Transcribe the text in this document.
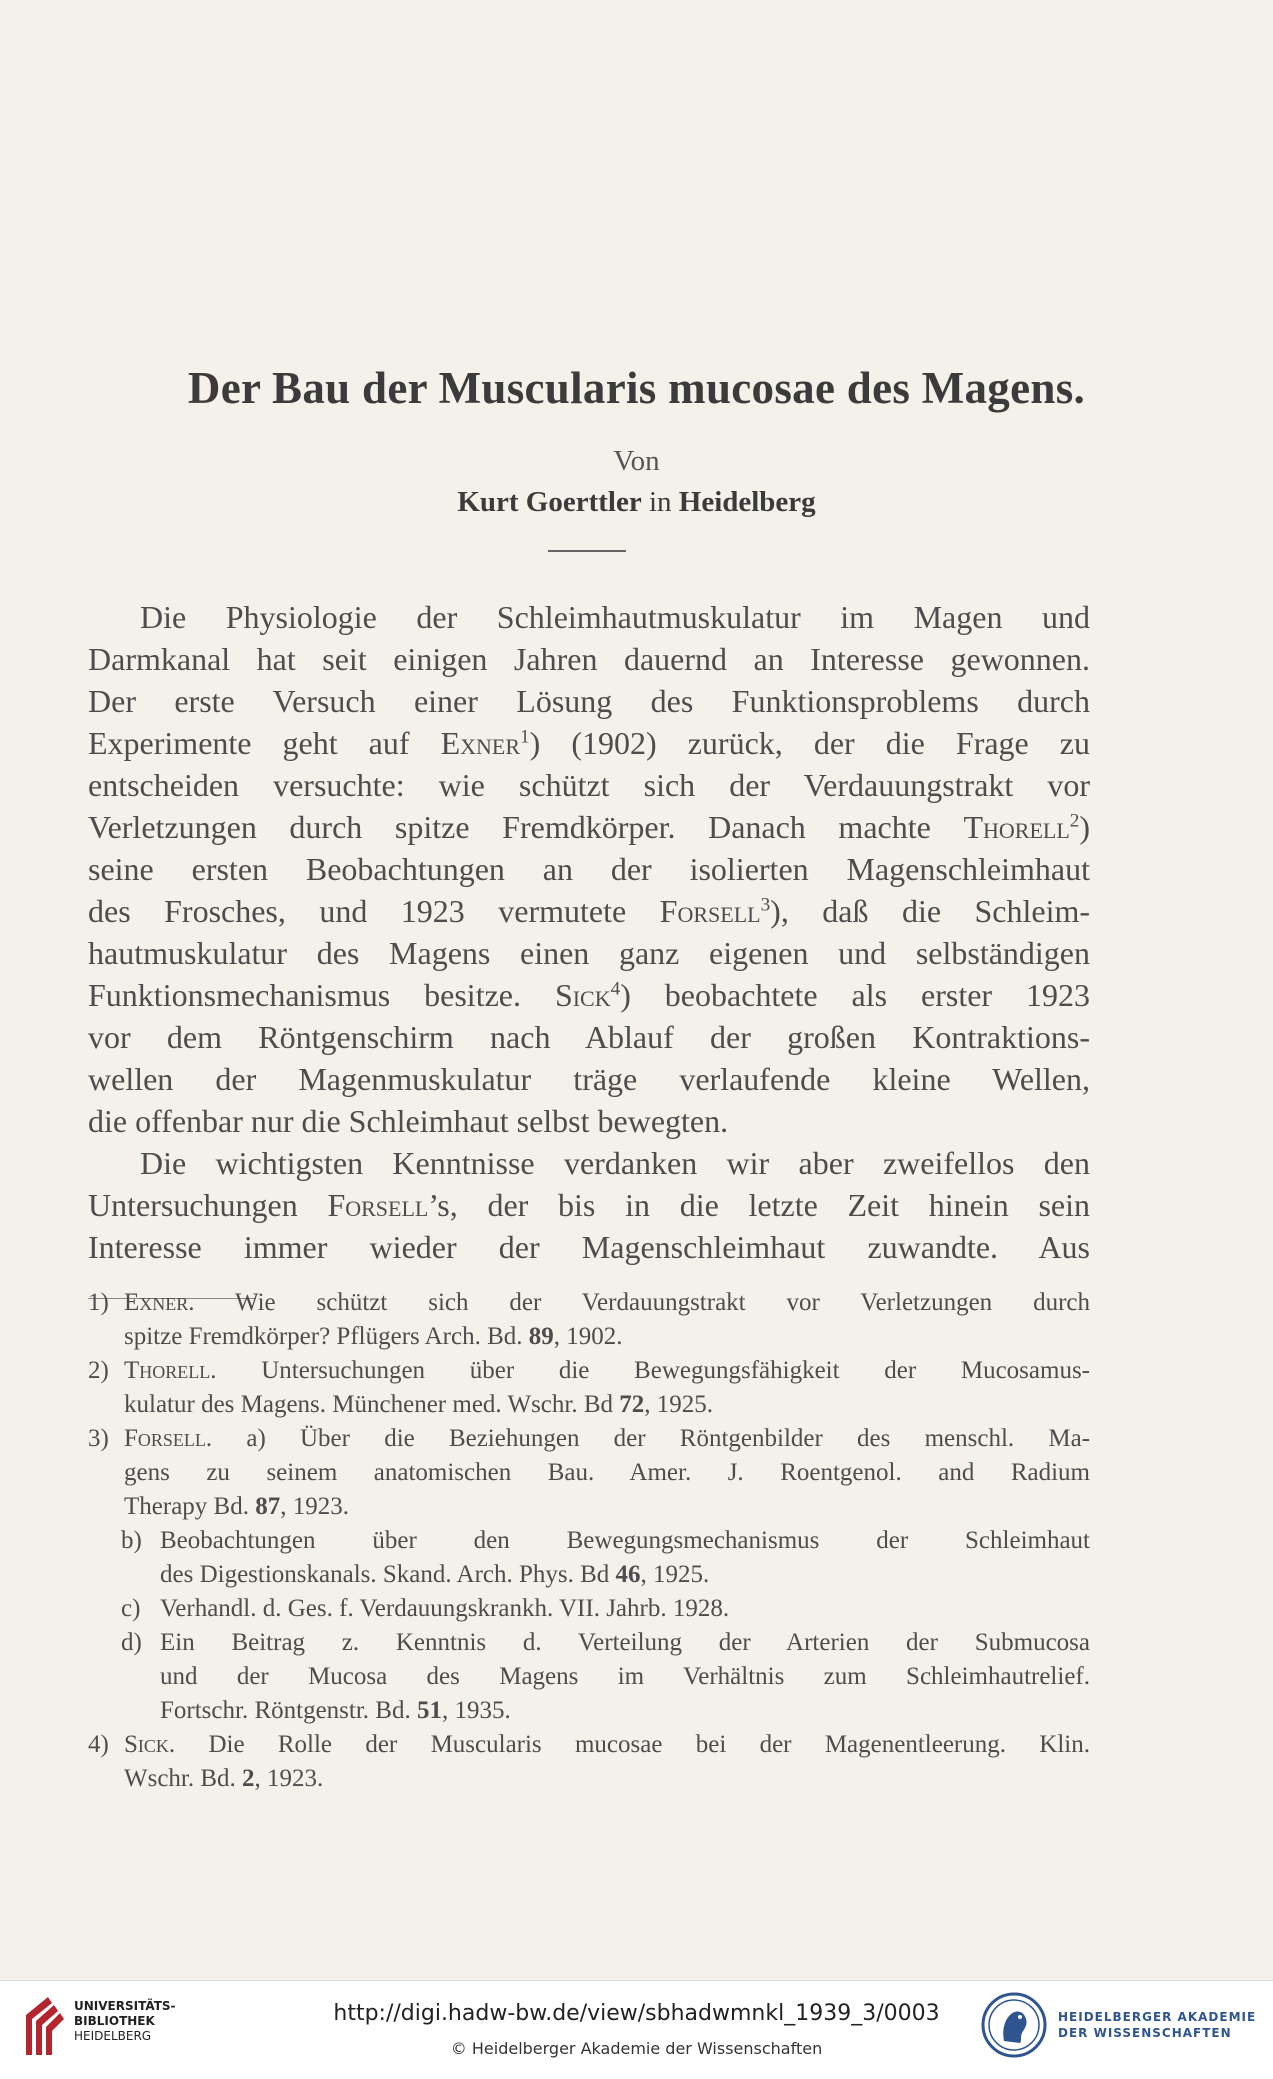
Der Bau der Muscularis mucosae des Magens.
Von
Kurt Goerttler in Heidelberg

Die Physiologie der Schleimhautmuskulatur im Magen und

Darmkanal hat seit einigen Jahren dauernd an Interesse gewonnen.

Der erste Versuch einer Lösung des Funktionsproblems durch

Experimente geht auf Exner$^1$) (1902) zurück, der die Frage zu

entscheiden versuchte: wie schützt sich der Verdauungstrakt vor

Verletzungen durch spitze Fremdkörper. Danach machte Thorell$^2$)

seine ersten Beobachtungen an der isolierten Magenschleimhaut

des Frosches, und 1923 vermutete Forsell$^3$), daß die Schleim-

hautmuskulatur des Magens einen ganz eigenen und selbständigen

Funktionsmechanismus besitze. Sick$^4$) beobachtete als erster 1923

vor dem Röntgenschirm nach Ablauf der großen Kontraktions-

wellen der Magenmuskulatur träge verlaufende kleine Wellen,

die offenbar nur die Schleimhaut selbst bewegten.

Die wichtigsten Kenntnisse verdanken wir aber zweifellos den

Untersuchungen Forsell’s, der bis in die letzte Zeit hinein sein

Interesse immer wieder der Magenschleimhaut zuwandte. Aus

1) Exner. Wie schützt sich der Verdauungstrakt vor Verletzungen durch
spitze Fremdkörper? Pflügers Arch. Bd. 89, 1902.
2) Thorell. Untersuchungen über die Bewegungsfähigkeit der Mucosamus-
kulatur des Magens. Münchener med. Wschr. Bd 72, 1925.
3) Forsell. a) Über die Beziehungen der Röntgenbilder des menschl. Ma-
gens zu seinem anatomischen Bau. Amer. J. Roentgenol. and Radium
Therapy Bd. 87, 1923.
b) Beobachtungen über den Bewegungsmechanismus der Schleimhaut
des Digestionskanals. Skand. Arch. Phys. Bd 46, 1925.
c) Verhandl. d. Ges. f. Verdauungskrankh. VII. Jahrb. 1928.
d) Ein Beitrag z. Kenntnis d. Verteilung der Arterien der Submucosa
und der Mucosa des Magens im Verhältnis zum Schleimhautrelief.
Fortschr. Röntgenstr. Bd. 51, 1935.
4) Sick. Die Rolle der Muscularis mucosae bei der Magenentleerung. Klin.
Wschr. Bd. 2, 1923.
UNIVERSITÄTS-
BIBLIOTHEK
HEIDELBERG
http://digi.hadw-bw.de/view/sbhadwmnkl_1939_3/0003
© Heidelberger Akademie der Wissenschaften
HEIDELBERGER AKADEMIE
DER WISSENSCHAFTEN
